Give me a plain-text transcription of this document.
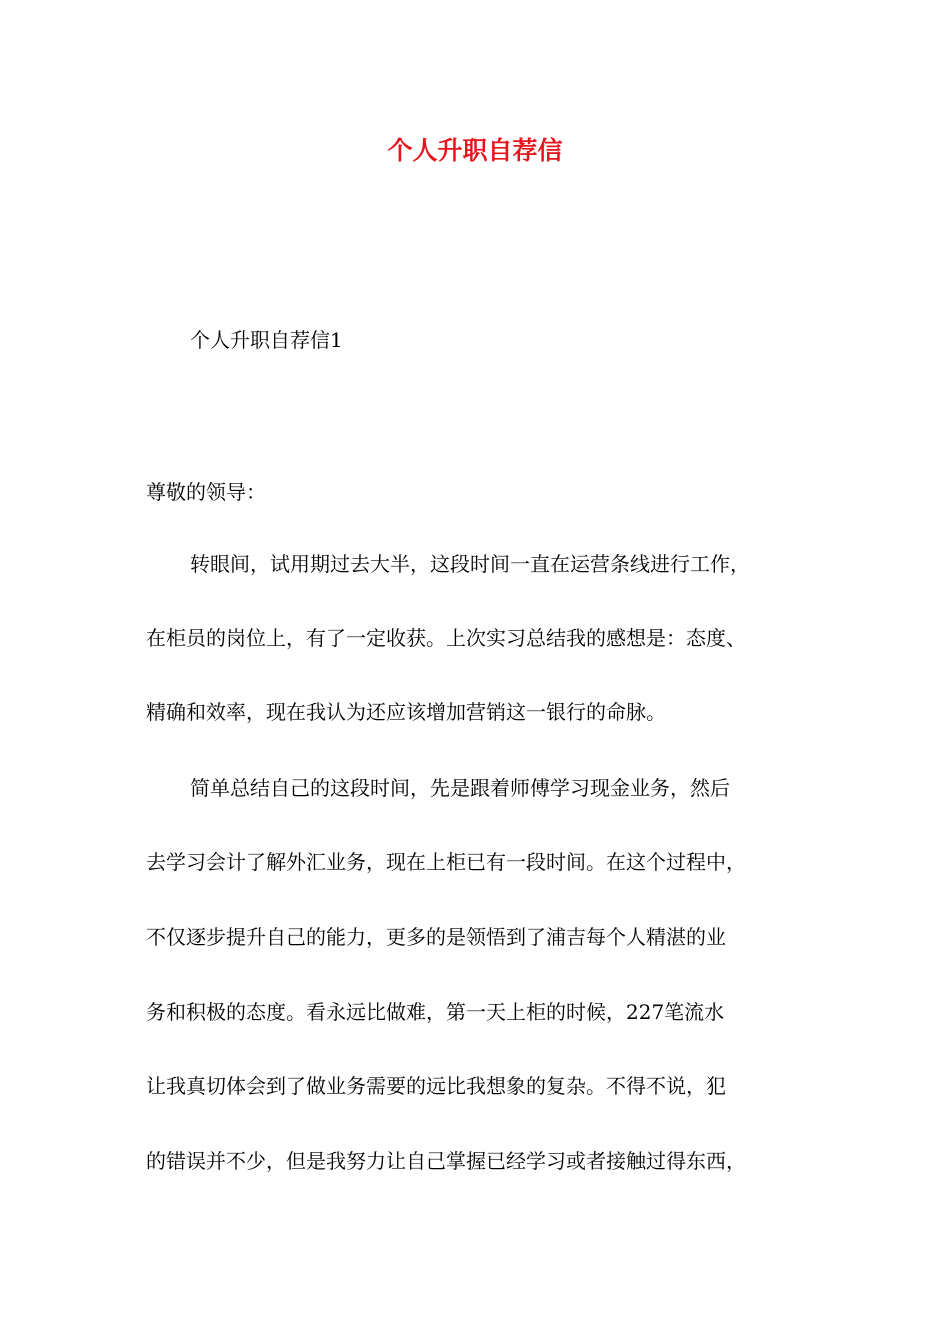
个人升职自荐信
个人升职自荐信1
尊敬的领导：
转眼间，试用期过去大半，这段时间一直在运营条线进行工作，
在柜员的岗位上，有了一定收获。上次实习总结我的感想是：态度、
精确和效率，现在我认为还应该增加营销这一银行的命脉。
简单总结自己的这段时间，先是跟着师傅学习现金业务，然后
去学习会计了解外汇业务，现在上柜已有一段时间。在这个过程中，
不仅逐步提升自己的能力，更多的是领悟到了浦吉每个人精湛的业
务和积极的态度。看永远比做难，第一天上柜的时候，227笔流水
让我真切体会到了做业务需要的远比我想象的复杂。不得不说，犯
的错误并不少，但是我努力让自己掌握已经学习或者接触过得东西，
